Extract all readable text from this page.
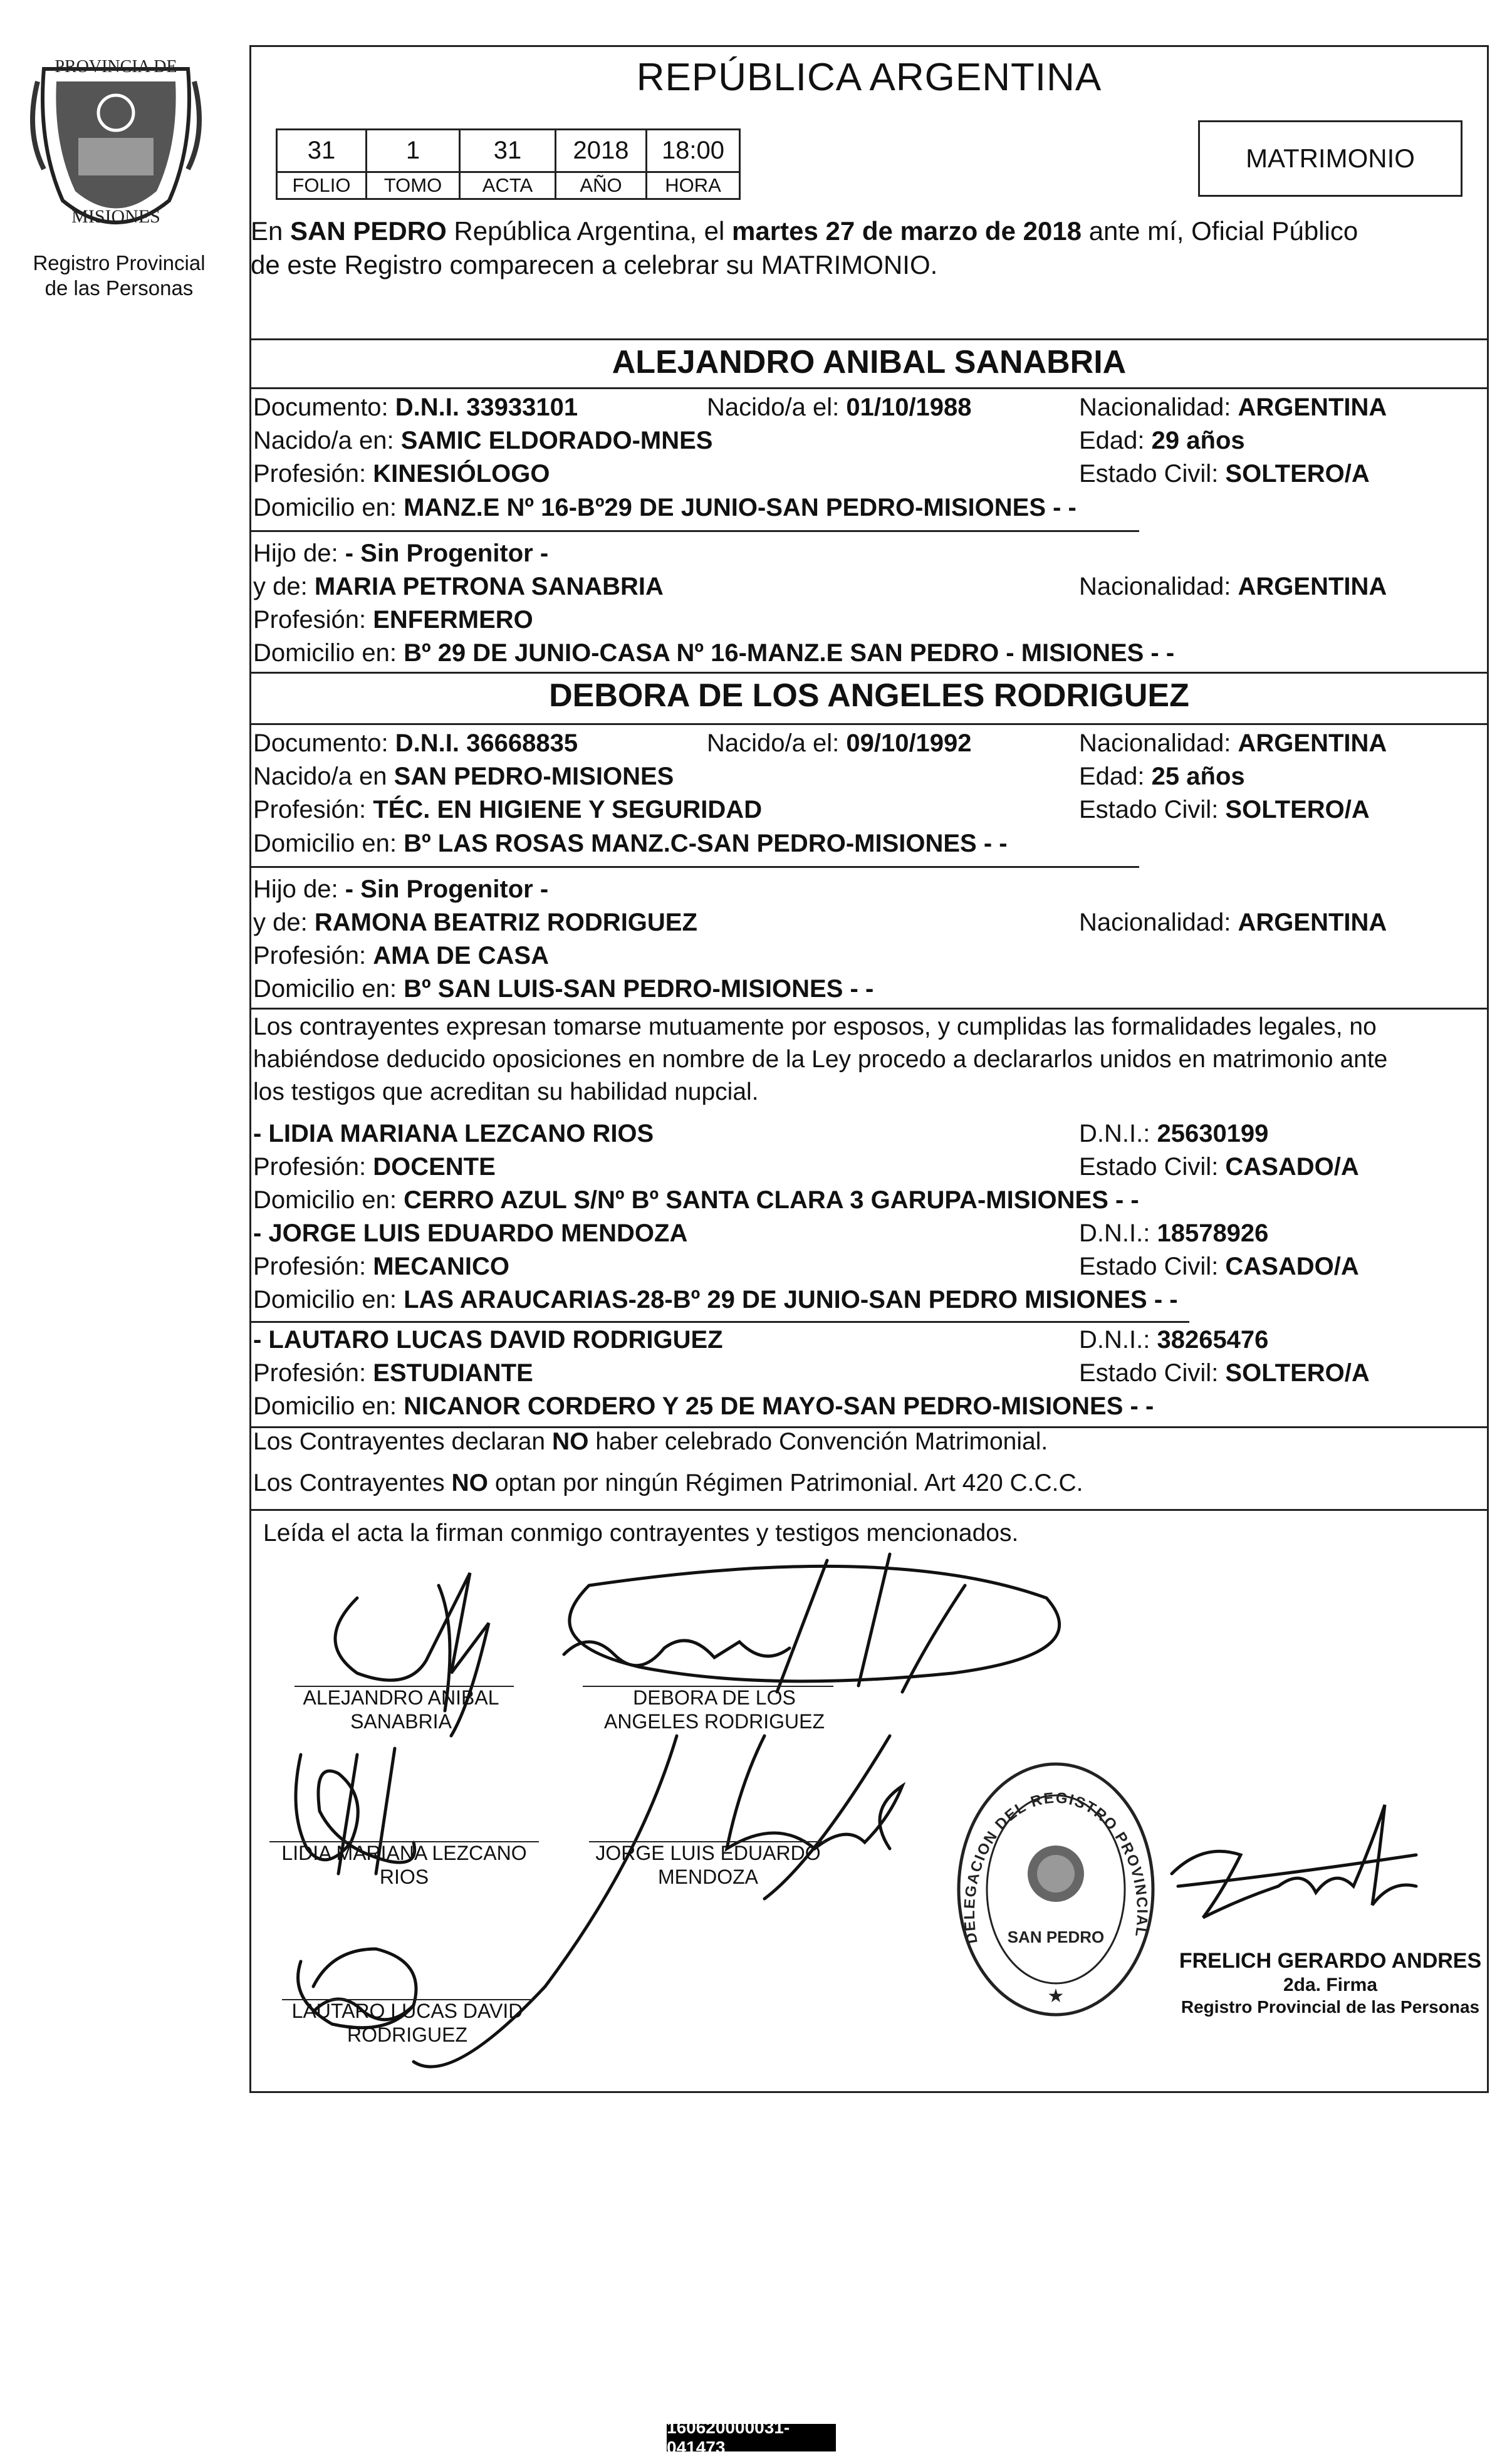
PROVINCIA DE
MISIONES
Registro Provincial
de las Personas
REPÚBLICA ARGENTINA
31	1	31	2018	18:00
FOLIO	TOMO	ACTA	AÑO	HORA
MATRIMONIO
En SAN PEDRO República Argentina, el martes 27 de marzo de 2018 ante mí, Oficial Público
de este Registro comparecen a celebrar su MATRIMONIO.
ALEJANDRO ANIBAL SANABRIA
Documento: D.N.I. 33933101	Nacido/a el: 01/10/1988	Nacionalidad: ARGENTINA
Nacido/a en: SAMIC ELDORADO-MNES	Edad: 29 años
Profesión: KINESIÓLOGO	Estado Civil: SOLTERO/A
Domicilio en: MANZ.E Nº 16-Bº29 DE JUNIO-SAN PEDRO-MISIONES - -
Hijo de: - Sin Progenitor -
y de: MARIA PETRONA SANABRIA	Nacionalidad: ARGENTINA
Profesión: ENFERMERO
Domicilio en: Bº 29 DE JUNIO-CASA Nº 16-MANZ.E SAN PEDRO - MISIONES - -
DEBORA DE LOS ANGELES RODRIGUEZ
Documento: D.N.I. 36668835	Nacido/a el: 09/10/1992	Nacionalidad: ARGENTINA
Nacido/a en SAN PEDRO-MISIONES	Edad: 25 años
Profesión: TÉC. EN HIGIENE Y SEGURIDAD	Estado Civil: SOLTERO/A
Domicilio en: Bº LAS ROSAS MANZ.C-SAN PEDRO-MISIONES - -
Hijo de: - Sin Progenitor -
y de: RAMONA BEATRIZ RODRIGUEZ	Nacionalidad: ARGENTINA
Profesión: AMA DE CASA
Domicilio en: Bº SAN LUIS-SAN PEDRO-MISIONES - -
Los contrayentes expresan tomarse mutuamente por esposos, y cumplidas las formalidades legales, no
habiéndose deducido oposiciones en nombre de la Ley procedo a declararlos unidos en matrimonio ante
los testigos que acreditan su habilidad nupcial.
- LIDIA MARIANA LEZCANO RIOS	D.N.I.: 25630199
Profesión: DOCENTE	Estado Civil: CASADO/A
Domicilio en: CERRO AZUL S/Nº Bº SANTA CLARA 3 GARUPA-MISIONES - -
- JORGE LUIS EDUARDO MENDOZA	D.N.I.: 18578926
Profesión: MECANICO	Estado Civil: CASADO/A
Domicilio en: LAS ARAUCARIAS-28-Bº 29 DE JUNIO-SAN PEDRO MISIONES - -
- LAUTARO LUCAS DAVID RODRIGUEZ	D.N.I.: 38265476
Profesión: ESTUDIANTE	Estado Civil: SOLTERO/A
Domicilio en: NICANOR CORDERO Y 25 DE MAYO-SAN PEDRO-MISIONES - -
Los Contrayentes declaran NO haber celebrado Convención Matrimonial.
Los Contrayentes NO optan por ningún Régimen Patrimonial. Art 420 C.C.C.
Leída el acta la firman conmigo contrayentes y testigos mencionados.
ALEJANDRO ANIBAL
SANABRIA
DEBORA DE LOS
ANGELES RODRIGUEZ
LIDIA MARIANA LEZCANO
RIOS
JORGE LUIS EDUARDO
MENDOZA
LAUTARO LUCAS DAVID
RODRIGUEZ
DELEGACION DEL REGISTRO PROVINCIAL
SAN PEDRO
★
FRELICH GERARDO ANDRES
2da. Firma
Registro Provincial de las Personas
160620000031-041473
